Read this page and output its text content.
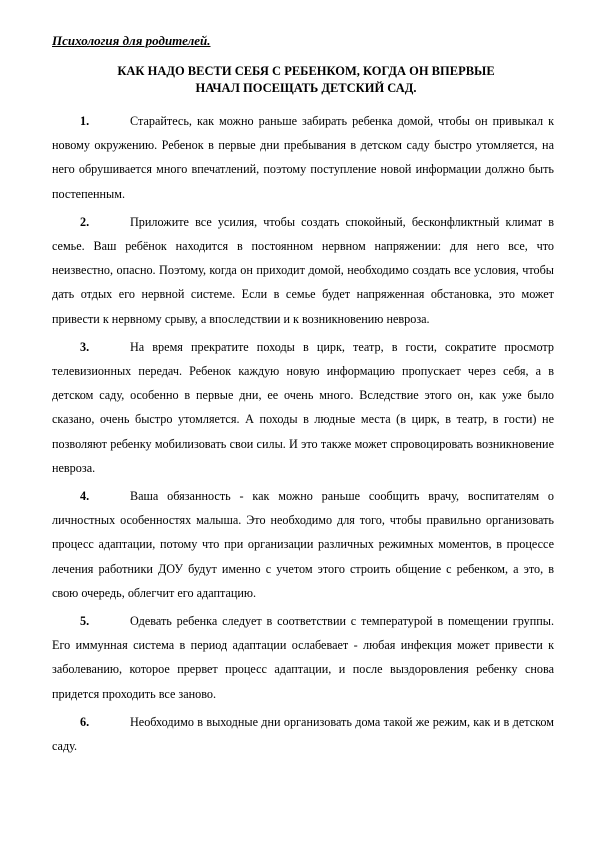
Психология для родителей.

КАК НАДО ВЕСТИ СЕБЯ С РЕБЕНКОМ, КОГДА ОН ВПЕРВЫЕ
НАЧАЛ ПОСЕЩАТЬ ДЕТСКИЙ САД.

1.	Старайтесь, как можно раньше забирать ребенка домой, чтобы он привыкал к новому окружению. Ребенок в первые дни пребывания в детском саду быстро утомляется, на него обрушивается много впечатлений, поэтому поступление новой информации должно быть постепенным.

2.	Приложите все усилия, чтобы создать спокойный, бесконфликтный климат в семье. Ваш ребёнок находится в постоянном нервном напряжении: для него все, что неизвестно, опасно. Поэтому, когда он приходит домой, необходимо создать все условия, чтобы дать отдых его нервной системе. Если в семье будет напряженная обстановка, это может привести к нервному срыву, а впоследствии и к возникновению невроза.

3.	На время прекратите походы в цирк, театр, в гости, сократите просмотр телевизионных передач. Ребенок каждую новую информацию пропускает через себя, а в детском саду, особенно в первые дни, ее очень много. Вследствие этого он, как уже было сказано, очень быстро утомляется. А походы в людные места (в цирк, в театр, в гости) не позволяют ребенку мобилизовать свои силы. И это также может спровоцировать возникновение невроза.

4.	Ваша обязанность - как можно раньше сообщить врачу, воспитателям о личностных особенностях малыша. Это необходимо для того, чтобы правильно организовать процесс адаптации, потому что при организации различных режимных моментов, в процессе лечения работники ДОУ будут именно с учетом этого строить общение с ребенком, а это, в свою очередь, облегчит его адаптацию.

5.	Одевать ребенка следует в соответствии с температурой в помещении группы. Его иммунная система в период адаптации ослабевает - любая инфекция может привести к заболеванию, которое прервет процесс адаптации, и после выздоровления ребенку снова придется проходить все заново.

6.	Необходимо в выходные дни организовать дома такой же режим, как и в детском саду.
